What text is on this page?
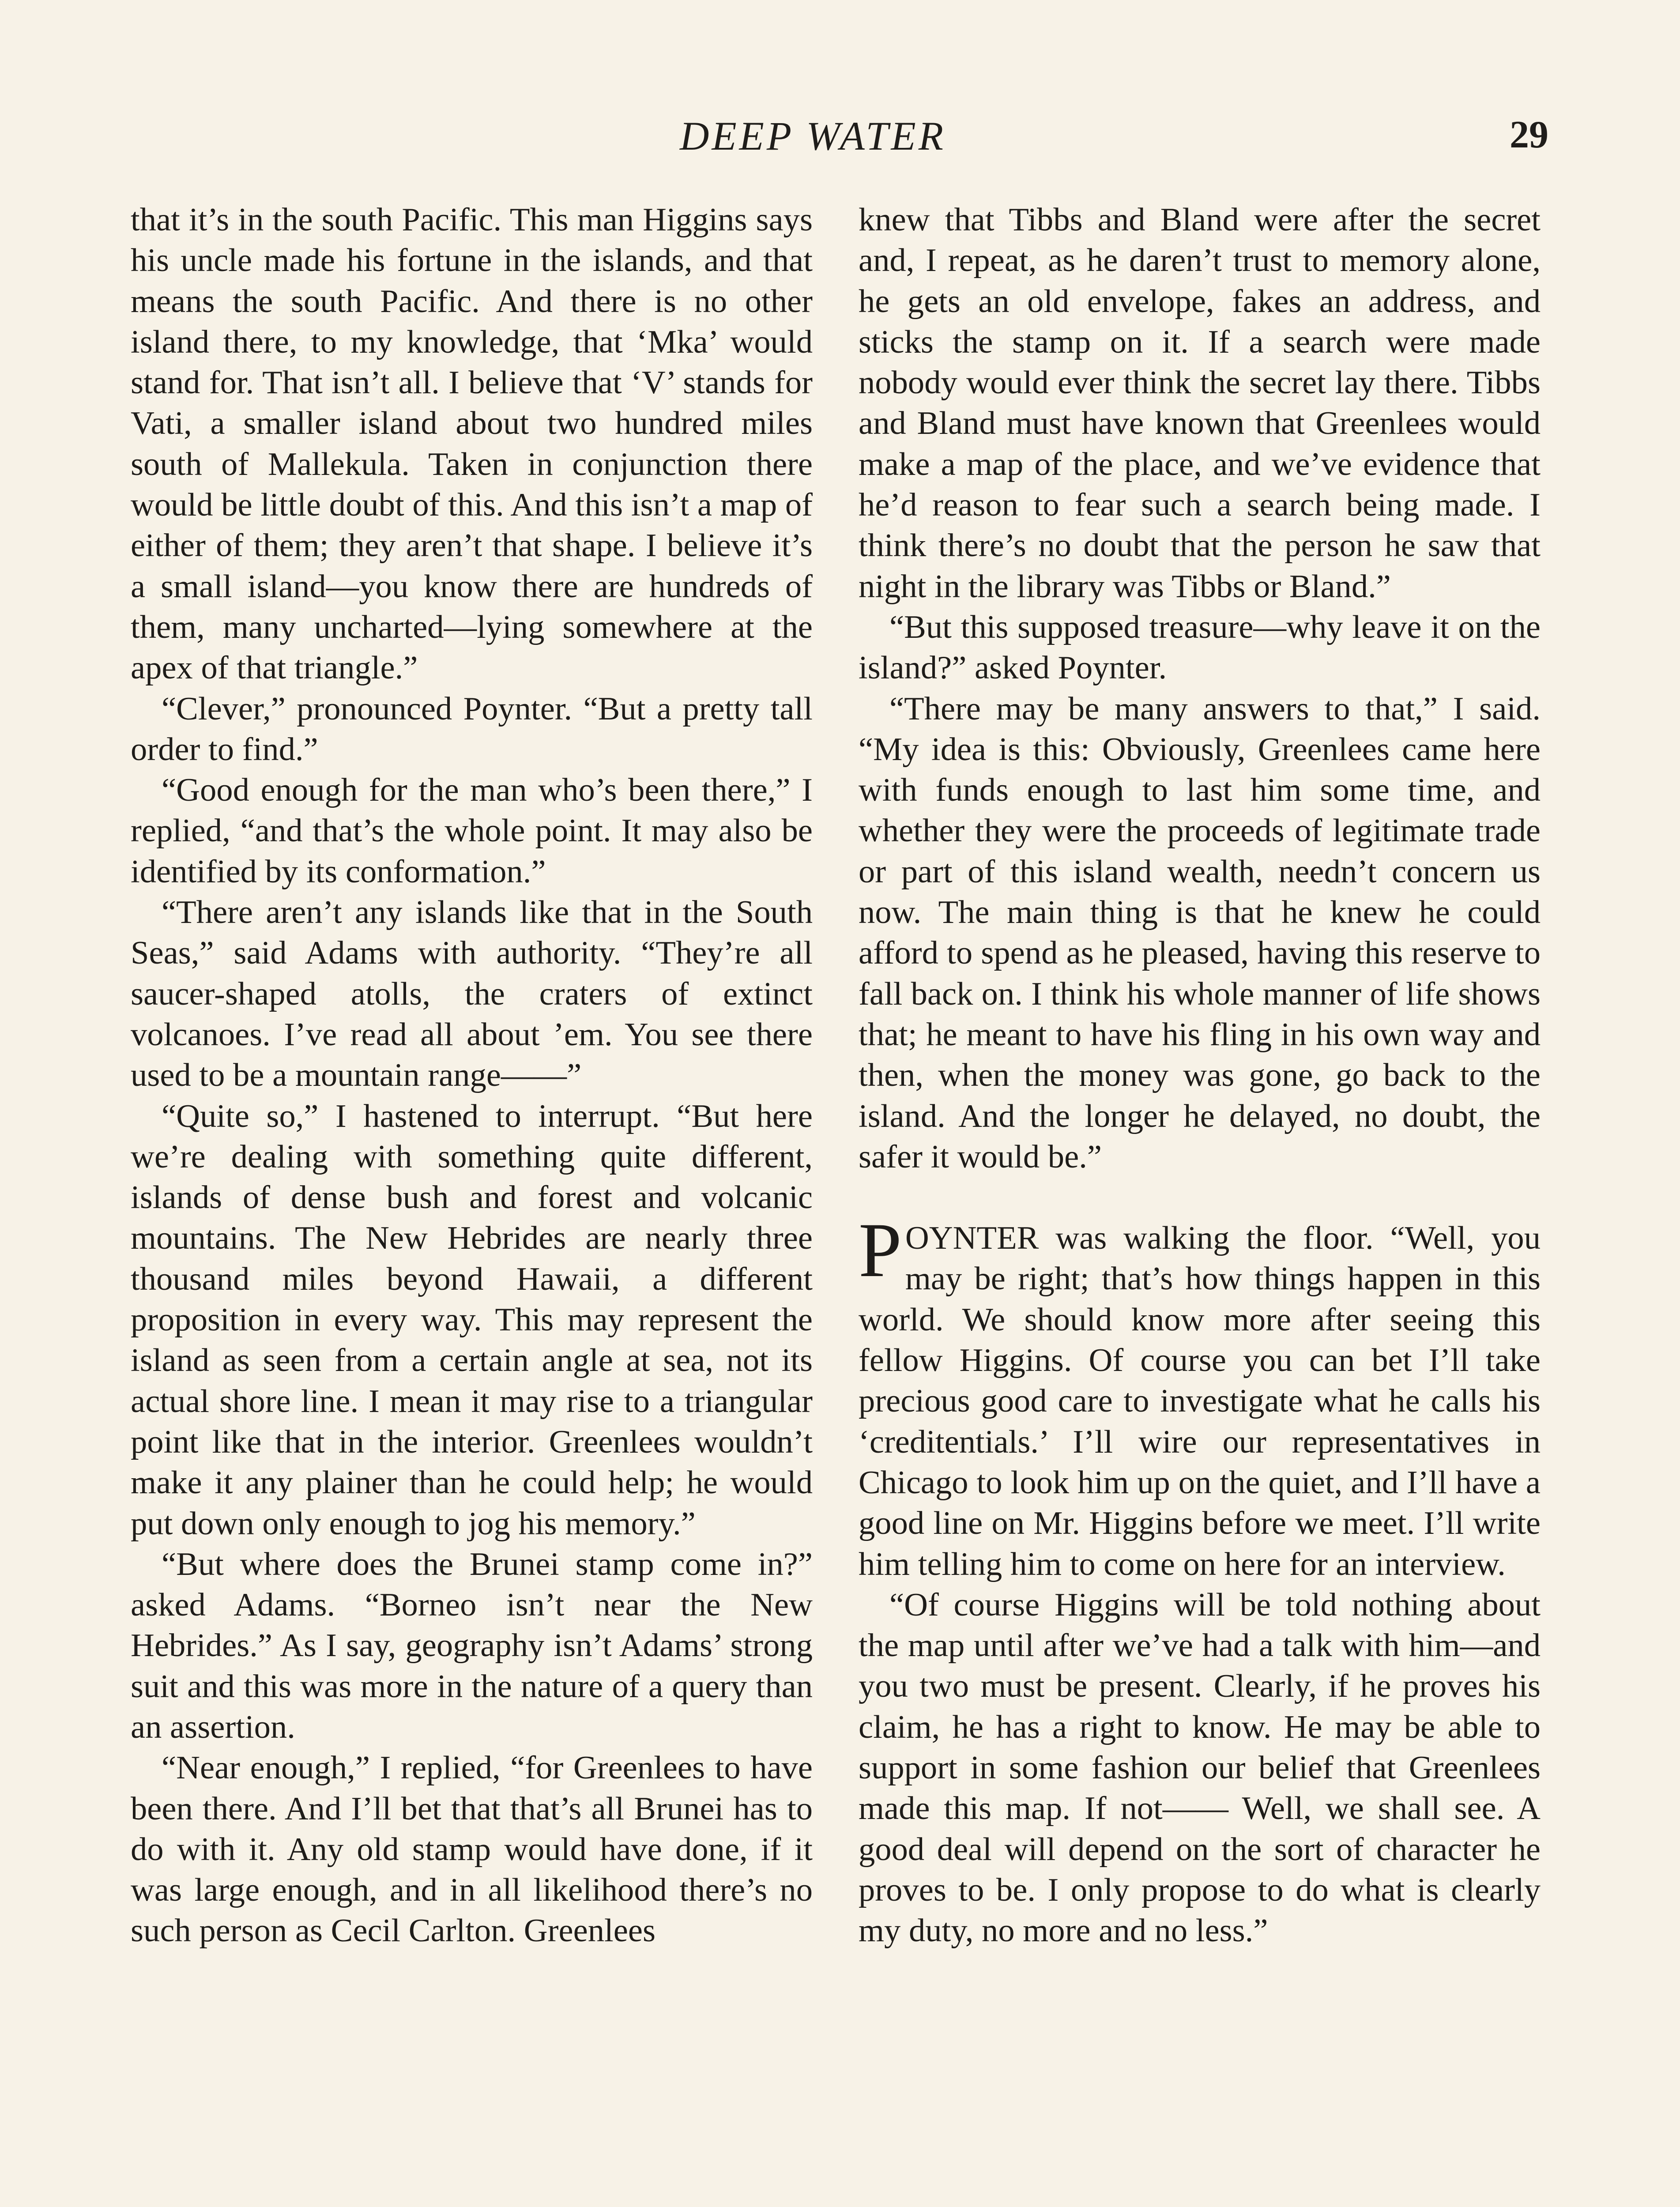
DEEP WATER	29

that it’s in the south Pacific. This man Higgins says his uncle made his fortune in the islands, and that means the south Pacific. And there is no other island there, to my knowledge, that ‘Mka’ would stand for. That isn’t all. I believe that ‘V’ stands for Vati, a smaller island about two hundred miles south of Mallekula. Taken in conjunction there would be little doubt of this. And this isn’t a map of either of them; they aren’t that shape. I believe it’s a small island—you know there are hundreds of them, many uncharted—lying somewhere at the apex of that triangle.”

“Clever,” pronounced Poynter. “But a pretty tall order to find.”

“Good enough for the man who’s been there,” I replied, “and that’s the whole point. It may also be identified by its conformation.”

“There aren’t any islands like that in the South Seas,” said Adams with authority. “They’re all saucer-shaped atolls, the craters of extinct volcanoes. I’ve read all about ’em. You see there used to be a mountain range——”

“Quite so,” I hastened to interrupt. “But here we’re dealing with something quite different, islands of dense bush and forest and volcanic mountains. The New Hebrides are nearly three thousand miles beyond Hawaii, a different proposition in every way. This may represent the island as seen from a certain angle at sea, not its actual shore line. I mean it may rise to a triangular point like that in the interior. Greenlees wouldn’t make it any plainer than he could help; he would put down only enough to jog his memory.”

“But where does the Brunei stamp come in?” asked Adams. “Borneo isn’t near the New Hebrides.” As I say, geography isn’t Adams’ strong suit and this was more in the nature of a query than an assertion.

“Near enough,” I replied, “for Greenlees to have been there. And I’ll bet that that’s all Brunei has to do with it. Any old stamp would have done, if it was large enough, and in all likelihood there’s no such person as Cecil Carlton. Greenlees

knew that Tibbs and Bland were after the secret and, I repeat, as he daren’t trust to memory alone, he gets an old envelope, fakes an address, and sticks the stamp on it. If a search were made nobody would ever think the secret lay there. Tibbs and Bland must have known that Greenlees would make a map of the place, and we’ve evidence that he’d reason to fear such a search being made. I think there’s no doubt that the person he saw that night in the library was Tibbs or Bland.”

“But this supposed treasure—why leave it on the island?” asked Poynter.

“There may be many answers to that,” I said. “My idea is this: Obviously, Greenlees came here with funds enough to last him some time, and whether they were the proceeds of legitimate trade or part of this island wealth, needn’t concern us now. The main thing is that he knew he could afford to spend as he pleased, having this reserve to fall back on. I think his whole manner of life shows that; he meant to have his fling in his own way and then, when the money was gone, go back to the island. And the longer he delayed, no doubt, the safer it would be.”

POYNTER was walking the floor. “Well, you may be right; that’s how things happen in this world. We should know more after seeing this fellow Higgins. Of course you can bet I’ll take precious good care to investigate what he calls his ‘creditentials.’ I’ll wire our representatives in Chicago to look him up on the quiet, and I’ll have a good line on Mr. Higgins before we meet. I’ll write him telling him to come on here for an interview.

“Of course Higgins will be told nothing about the map until after we’ve had a talk with him—and you two must be present. Clearly, if he proves his claim, he has a right to know. He may be able to support in some fashion our belief that Greenlees made this map. If not—— Well, we shall see. A good deal will depend on the sort of character he proves to be. I only propose to do what is clearly my duty, no more and no less.”
